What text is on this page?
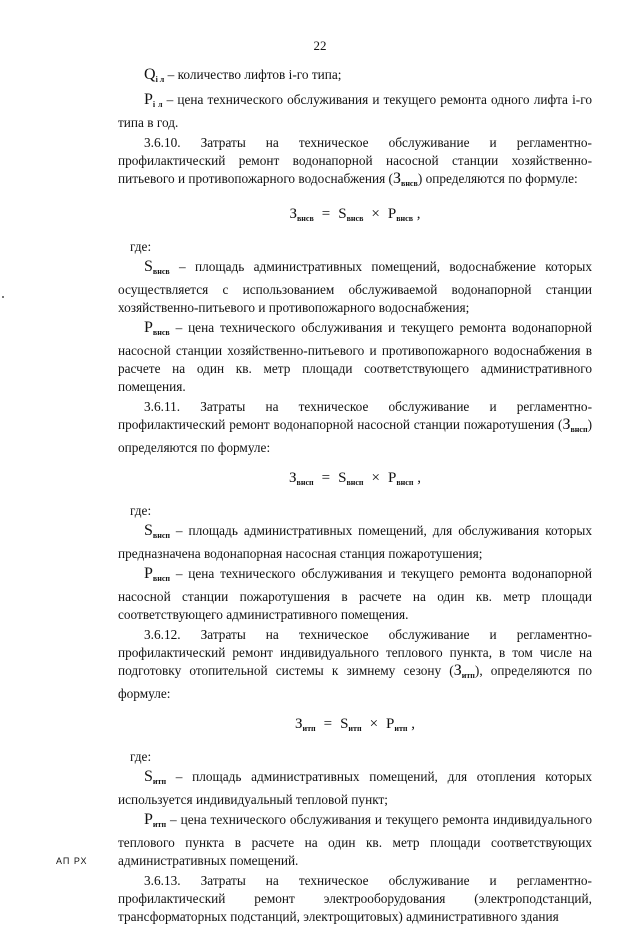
22

$Q_{i л}$ – количество лифтов i-го типа;

$P_{i л}$ – цена технического обслуживания и текущего ремонта одного лифта i-го типа в год.

3.6.10. Затраты на техническое обслуживание и регламентно-профилактический ремонт водонапорной насосной станции хозяйственно-питьевого и противопожарного водоснабжения $(З_{внсв})$ определяются по формуле:

$З_{внсв} = S_{внсв} \times P_{внсв}$ ,

где:

$S_{внсв}$ – площадь административных помещений, водоснабжение которых осуществляется с использованием обслуживаемой водонапорной станции хозяйственно-питьевого и противопожарного водоснабжения;

$P_{внсв}$ – цена технического обслуживания и текущего ремонта водонапорной насосной станции хозяйственно-питьевого и противопожарного водоснабжения в расчете на один кв. метр площади соответствующего административного помещения.

3.6.11. Затраты на техническое обслуживание и регламентно-профилактический ремонт водонапорной насосной станции пожаротушения $(З_{внсп})$ определяются по формуле:

$З_{внсп} = S_{внсп} \times P_{внсп}$ ,

где:

$S_{внсп}$ – площадь административных помещений, для обслуживания которых предназначена водонапорная насосная станция пожаротушения;

$P_{внсп}$ – цена технического обслуживания и текущего ремонта водонапорной насосной станции пожаротушения в расчете на один кв. метр площади соответствующего административного помещения.

3.6.12. Затраты на техническое обслуживание и регламентно-профилактический ремонт индивидуального теплового пункта, в том числе на подготовку отопительной системы к зимнему сезону $(З_{итп})$, определяются по формуле:

$З_{итп} = S_{итп} \times P_{итп}$ ,

где:

$S_{итп}$ – площадь административных помещений, для отопления которых используется индивидуальный тепловой пункт;

$P_{итп}$ – цена технического обслуживания и текущего ремонта индивидуального теплового пункта в расчете на один кв. метр площади соответствующих административных помещений.

3.6.13. Затраты на техническое обслуживание и регламентно-профилактический ремонт электрооборудования (электроподстанций, трансформаторных подстанций, электрощитовых) административного здания

АП РХ
